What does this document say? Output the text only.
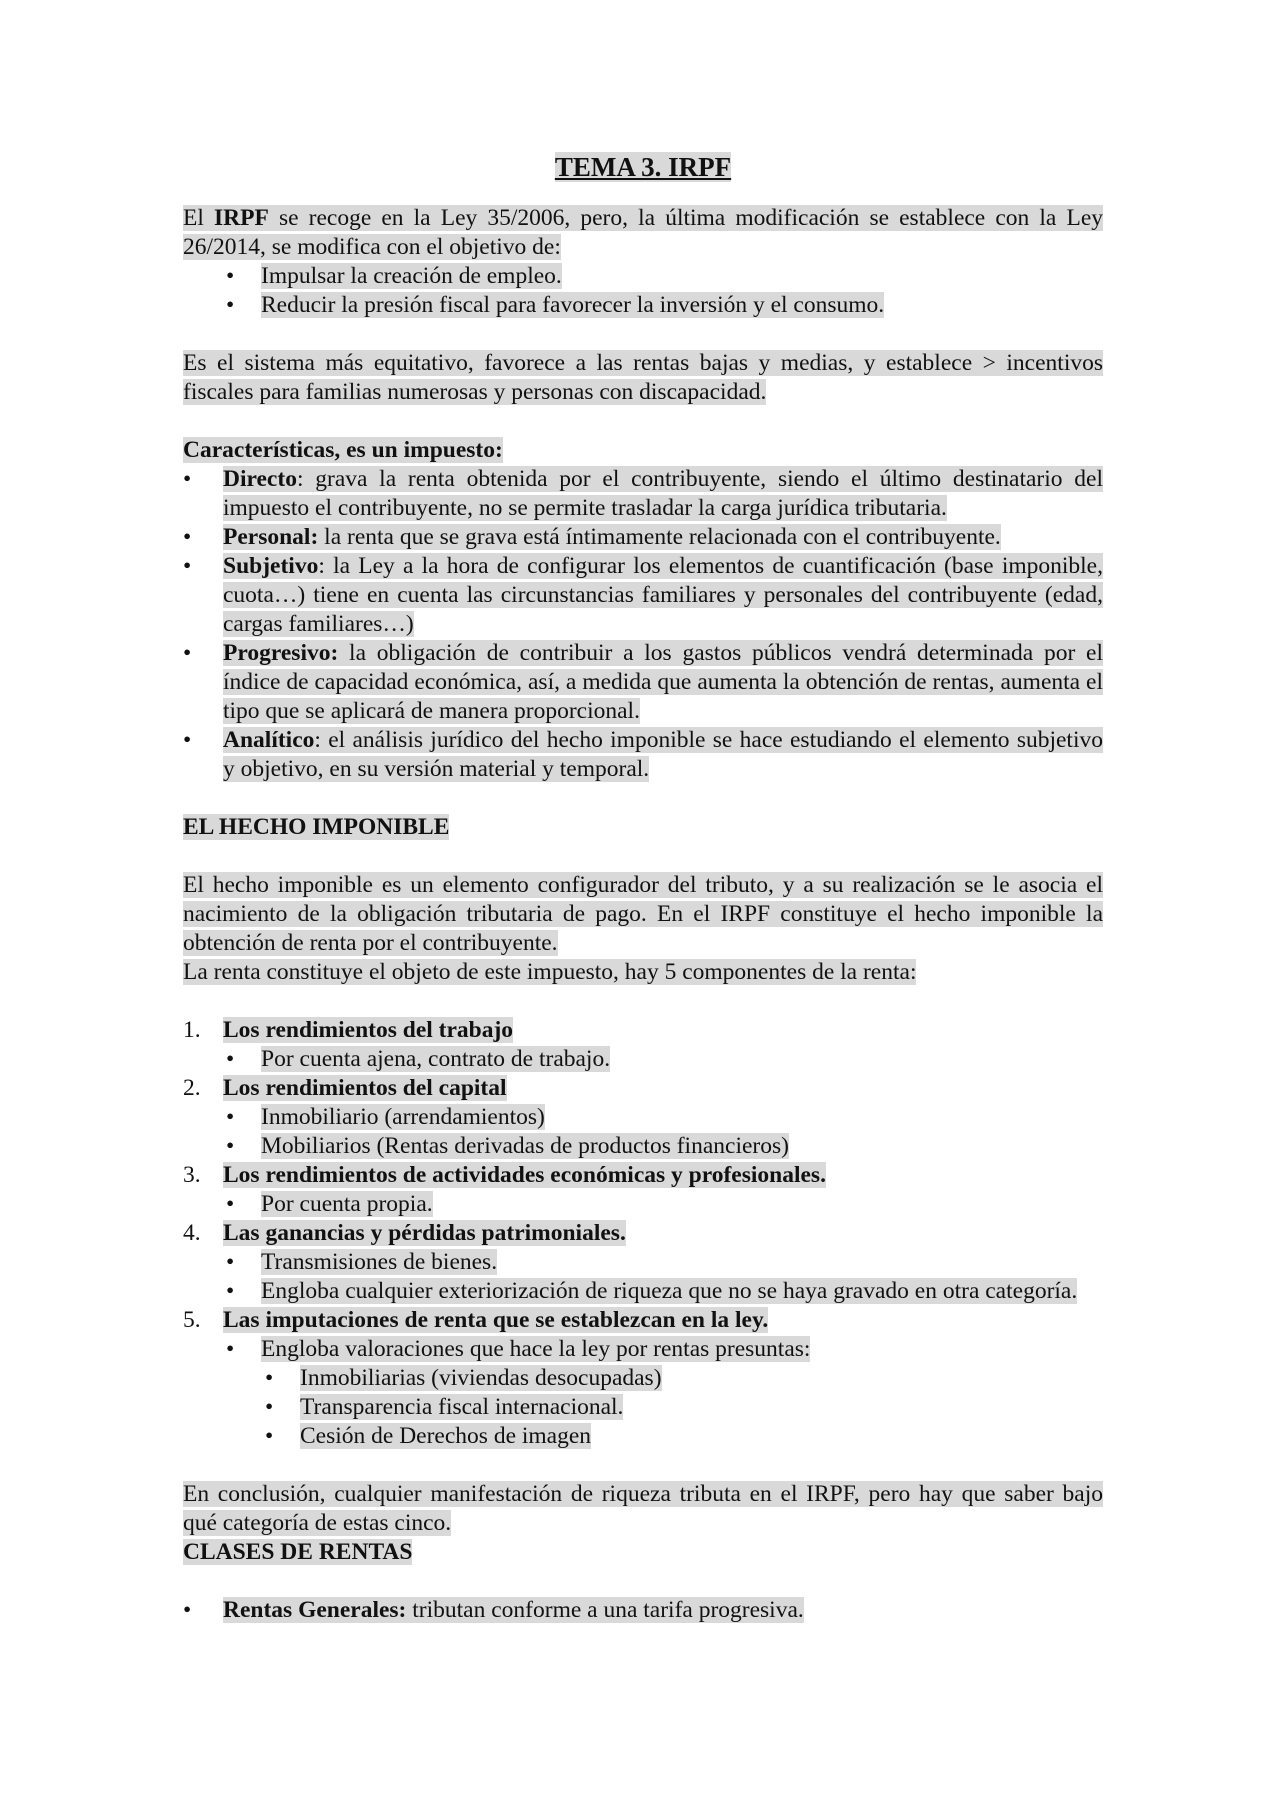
TEMA 3. IRPF

El IRPF se recoge en la Ley 35/2006, pero, la última modificación se establece con la Ley 26/2014, se modifica con el objetivo de:

• Impulsar la creación de empleo.
• Reducir la presión fiscal para favorecer la inversión y el consumo.

Es el sistema más equitativo, favorece a las rentas bajas y medias, y establece > incentivos fiscales para familias numerosas y personas con discapacidad.

Características, es un impuesto:

• Directo: grava la renta obtenida por el contribuyente, siendo el último destinatario del impuesto el contribuyente, no se permite trasladar la carga jurídica tributaria.
• Personal: la renta que se grava está íntimamente relacionada con el contribuyente.
• Subjetivo: la Ley a la hora de configurar los elementos de cuantificación (base imponible, cuota…) tiene en cuenta las circunstancias familiares y personales del contribuyente (edad, cargas familiares…)
• Progresivo: la obligación de contribuir a los gastos públicos vendrá determinada por el índice de capacidad económica, así, a medida que aumenta la obtención de rentas, aumenta el tipo que se aplicará de manera proporcional.
• Analítico: el análisis jurídico del hecho imponible se hace estudiando el elemento subjetivo y objetivo, en su versión material y temporal.

EL HECHO IMPONIBLE

El hecho imponible es un elemento configurador del tributo, y a su realización se le asocia el nacimiento de la obligación tributaria de pago. En el IRPF constituye el hecho imponible la obtención de renta por el contribuyente.

La renta constituye el objeto de este impuesto, hay 5 componentes de la renta:

1. Los rendimientos del trabajo
• Por cuenta ajena, contrato de trabajo.
2. Los rendimientos del capital
• Inmobiliario (arrendamientos)
• Mobiliarios (Rentas derivadas de productos financieros)
3. Los rendimientos de actividades económicas y profesionales.
• Por cuenta propia.
4. Las ganancias y pérdidas patrimoniales.
• Transmisiones de bienes.
• Engloba cualquier exteriorización de riqueza que no se haya gravado en otra categoría.
5. Las imputaciones de renta que se establezcan en la ley.
• Engloba valoraciones que hace la ley por rentas presuntas:
• Inmobiliarias (viviendas desocupadas)
• Transparencia fiscal internacional.
• Cesión de Derechos de imagen

En conclusión, cualquier manifestación de riqueza tributa en el IRPF, pero hay que saber bajo qué categoría de estas cinco.

CLASES DE RENTAS

• Rentas Generales: tributan conforme a una tarifa progresiva.
